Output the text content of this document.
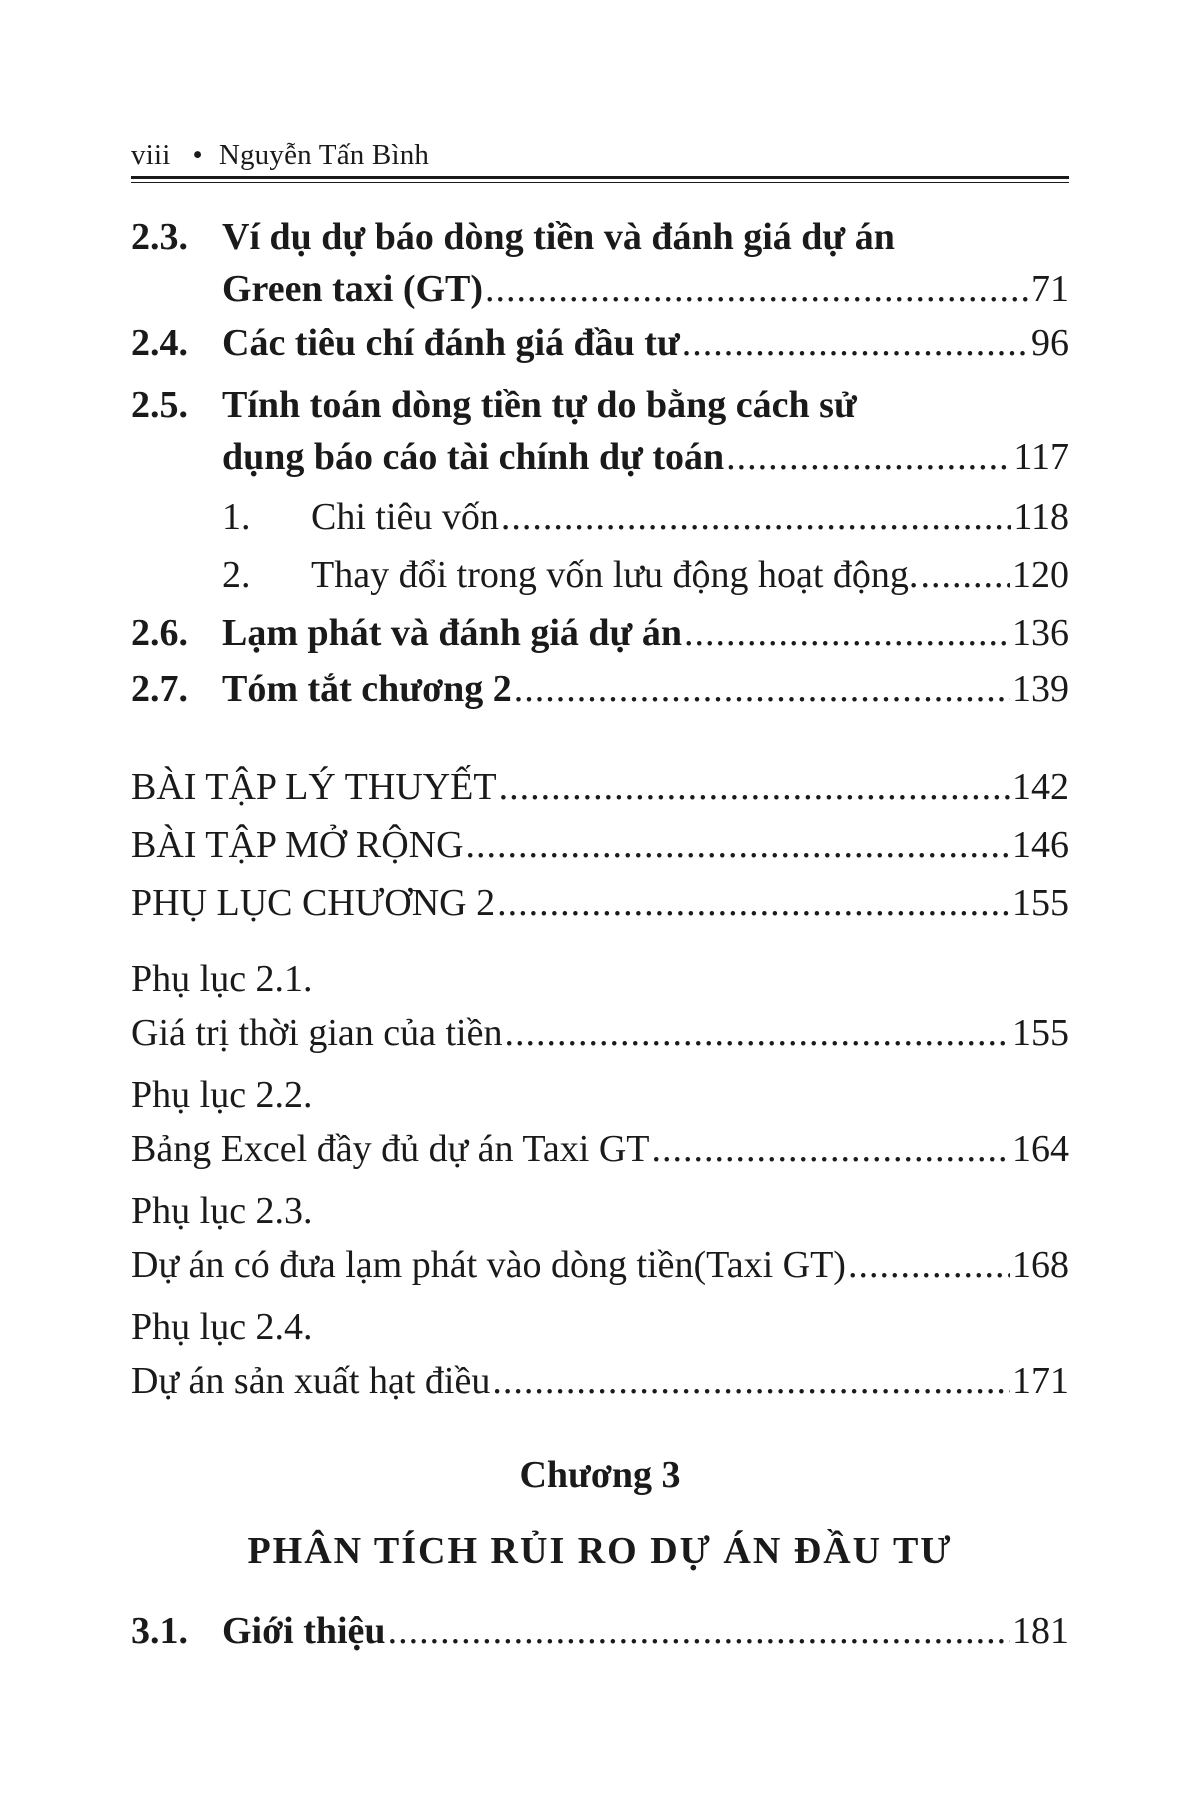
viii • Nguyễn Tấn Bình
2.3. Ví dụ dự báo dòng tiền và đánh giá dự án
Green taxi (GT) .....	71
2.4. Các tiêu chí đánh giá đầu tư .....	96
2.5. Tính toán dòng tiền tự do bằng cách sử
dụng báo cáo tài chính dự toán .....	117
1. Chi tiêu vốn .....	118
2. Thay đổi trong vốn lưu động hoạt động. ..... 120
2.6. Lạm phát và đánh giá dự án .....	136
2.7. Tóm tắt chương 2 .....	139
BÀI TẬP LÝ THUYẾT .....	142
BÀI TẬP MỞ RỘNG .....	146
PHỤ LỤC CHƯƠNG 2 .....	155
Phụ lục 2.1.
Giá trị thời gian của tiền .....	155
Phụ lục 2.2.
Bảng Excel đầy đủ dự án Taxi GT .....	164
Phụ lục 2.3.
Dự án có đưa lạm phát vào dòng tiền(Taxi GT) .....	168
Phụ lục 2.4.
Dự án sản xuất hạt điều .....	171
Chương 3
PHÂN TÍCH RỦI RO DỰ ÁN ĐẦU TƯ
3.1. Giới thiệu .....	181
